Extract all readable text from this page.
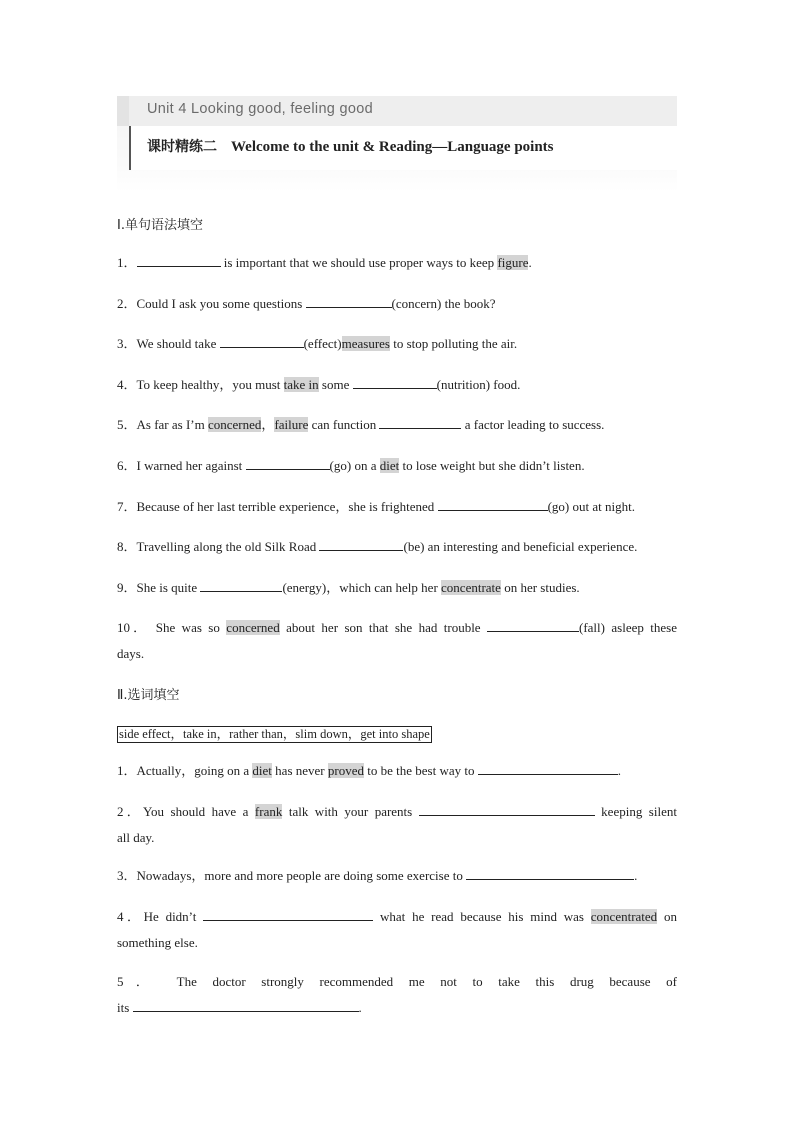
Unit 4 Looking good, feeling good
课时精练二 Welcome to the unit & Reading—Language points
Ⅰ.单句语法填空
1．	is important that we should use proper ways to keep figure.
2．Could I ask you some questions	(concern) the book?
3．We should take	(effect)measures to stop polluting the air.
4．To keep healthy，you must take in some	(nutrition) food.
5．As far as I’m concerned，failure can function	a factor leading to success.
6．I warned her against	(go) on a diet to lose weight but she didn’t listen.
7．Because of her last terrible experience，she is frightened	(go) out at night.
8．Travelling along the old Silk Road	(be) an interesting and beneficial experience.
9．She is quite	(energy)，which can help her concentrate on her studies.
10． She was so concerned about her son that she had trouble	(fall) asleep these
days.
Ⅱ.选词填空
side effect，take in，rather than，slim down，get into shape
1．Actually，going on a diet has never proved to be the best way to	.
2．You should have a frank talk with your parents	keeping silent
all day.
3．Nowadays，more and more people are doing some exercise to	.
4．He didn’t	what he read because his mind was concentrated on
something else.
5． The doctor strongly recommended me not to take this drug because of
its	.
